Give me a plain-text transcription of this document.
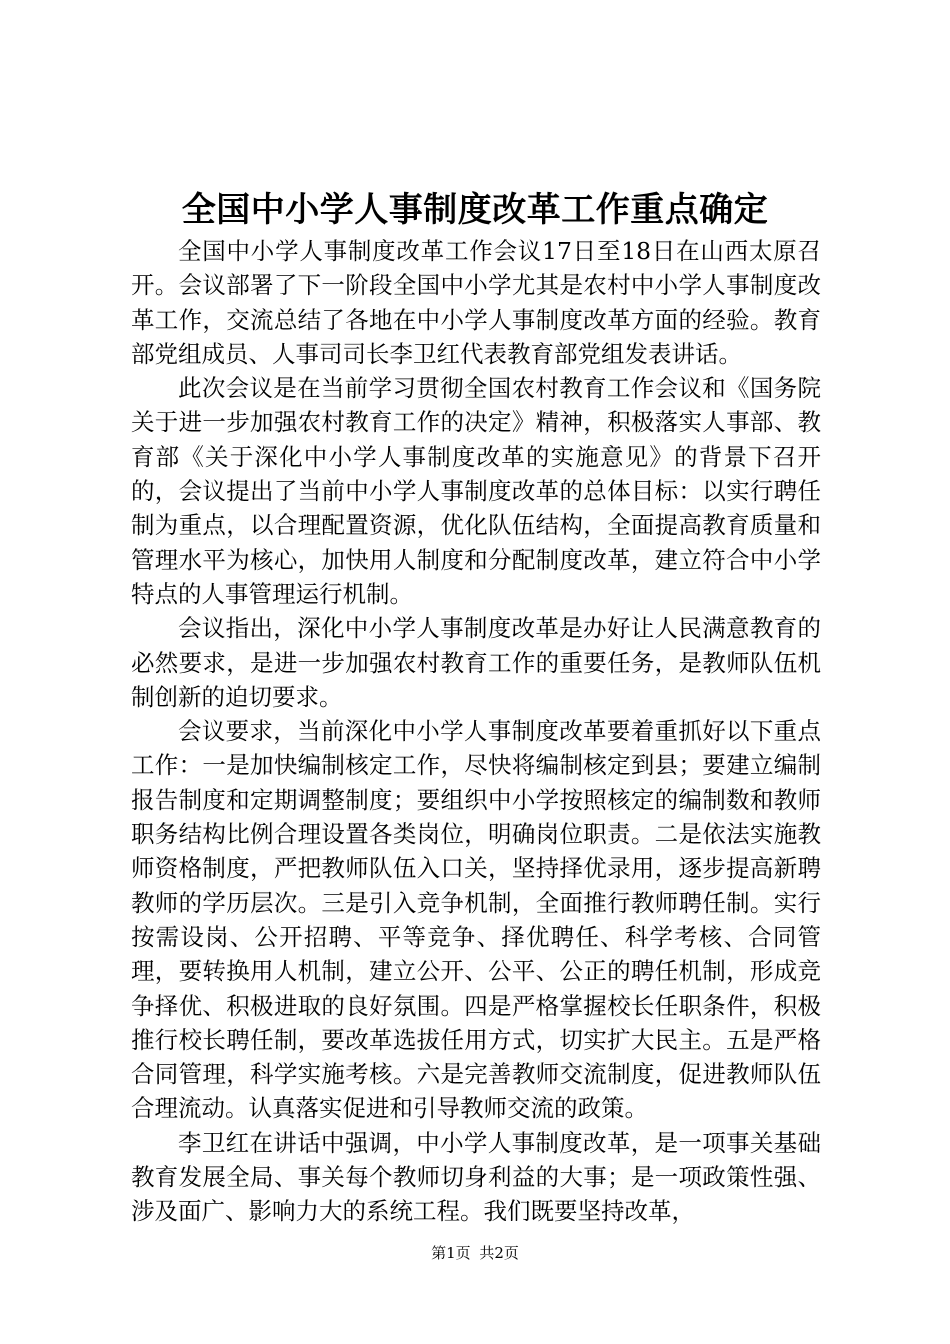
全国中小学人事制度改革工作重点确定

全国中小学人事制度改革工作会议17日至18日在山西太原召开。会议部署了下一阶段全国中小学尤其是农村中小学人事制度改革工作，交流总结了各地在中小学人事制度改革方面的经验。教育部党组成员、人事司司长李卫红代表教育部党组发表讲话。

此次会议是在当前学习贯彻全国农村教育工作会议和《国务院关于进一步加强农村教育工作的决定》精神，积极落实人事部、教育部《关于深化中小学人事制度改革的实施意见》的背景下召开的，会议提出了当前中小学人事制度改革的总体目标：以实行聘任制为重点，以合理配置资源，优化队伍结构，全面提高教育质量和管理水平为核心，加快用人制度和分配制度改革，建立符合中小学特点的人事管理运行机制。

会议指出，深化中小学人事制度改革是办好让人民满意教育的必然要求，是进一步加强农村教育工作的重要任务，是教师队伍机制创新的迫切要求。

会议要求，当前深化中小学人事制度改革要着重抓好以下重点工作：一是加快编制核定工作，尽快将编制核定到县；要建立编制报告制度和定期调整制度；要组织中小学按照核定的编制数和教师职务结构比例合理设置各类岗位，明确岗位职责。二是依法实施教师资格制度，严把教师队伍入口关，坚持择优录用，逐步提高新聘教师的学历层次。三是引入竞争机制，全面推行教师聘任制。实行按需设岗、公开招聘、平等竞争、择优聘任、科学考核、合同管理，要转换用人机制，建立公开、公平、公正的聘任机制，形成竞争择优、积极进取的良好氛围。四是严格掌握校长任职条件，积极推行校长聘任制，要改革选拔任用方式，切实扩大民主。五是严格合同管理，科学实施考核。六是完善教师交流制度，促进教师队伍合理流动。认真落实促进和引导教师交流的政策。

李卫红在讲话中强调，中小学人事制度改革，是一项事关基础教育发展全局、事关每个教师切身利益的大事；是一项政策性强、涉及面广、影响力大的系统工程。我们既要坚持改革，

第1页 共2页
